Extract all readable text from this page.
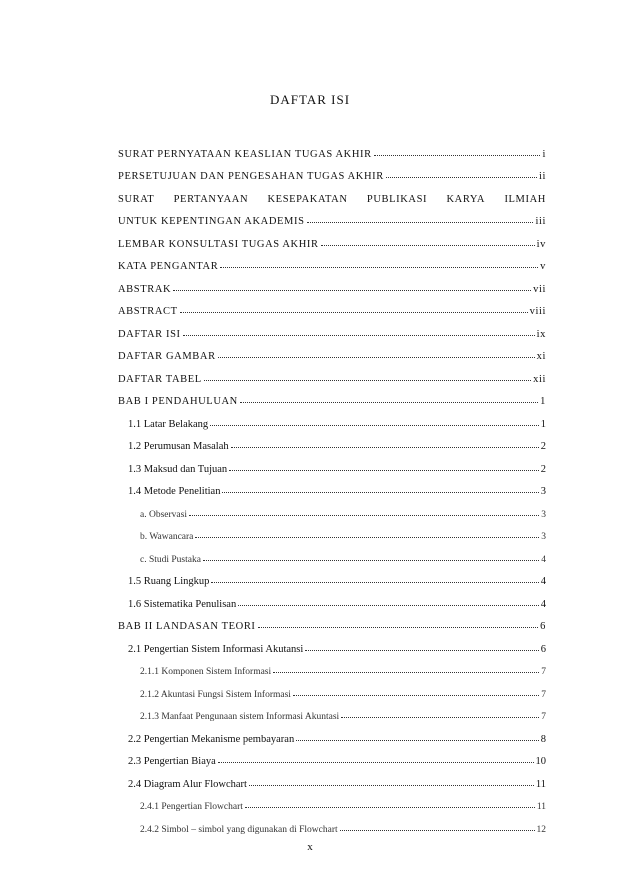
DAFTAR ISI
SURAT PERNYATAAN KEASLIAN TUGAS AKHIR	i
PERSETUJUAN DAN PENGESAHAN TUGAS AKHIR	ii
SURAT PERTANYAAN KESEPAKATAN PUBLIKASI KARYA ILMIAH
UNTUK KEPENTINGAN AKADEMIS	iii
LEMBAR KONSULTASI TUGAS AKHIR	iv
KATA PENGANTAR	v
ABSTRAK	vii
ABSTRACT	viii
DAFTAR ISI	ix
DAFTAR GAMBAR	xi
DAFTAR TABEL	xii
BAB I PENDAHULUAN	1
1.1 Latar Belakang	1
1.2 Perumusan Masalah	2
1.3 Maksud dan Tujuan	2
1.4 Metode Penelitian	3
a. Observasi	3
b. Wawancara	3
c. Studi Pustaka	4
1.5 Ruang Lingkup	4
1.6 Sistematika Penulisan	4
BAB II LANDASAN TEORI	6
2.1 Pengertian Sistem Informasi Akutansi	6
2.1.1 Komponen Sistem Informasi	7
2.1.2 Akuntasi Fungsi Sistem Informasi	7
2.1.3 Manfaat Pengunaan sistem Informasi Akuntasi	7
2.2 Pengertian Mekanisme pembayaran	8
2.3 Pengertian Biaya	10
2.4 Diagram Alur Flowchart	11
2.4.1 Pengertian Flowchart	11
2.4.2 Simbol – simbol yang digunakan di Flowchart	12
x
